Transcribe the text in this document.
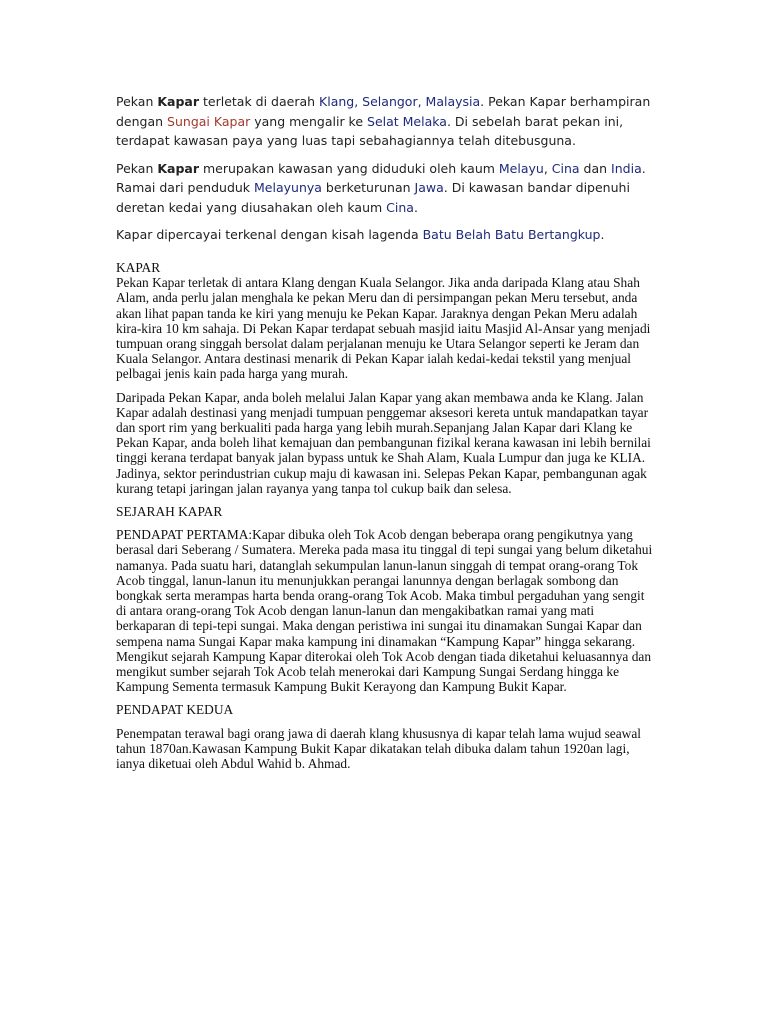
Pekan Kapar terletak di daerah Klang, Selangor, Malaysia. Pekan Kapar berhampiran dengan Sungai Kapar yang mengalir ke Selat Melaka. Di sebelah barat pekan ini, terdapat kawasan paya yang luas tapi sebahagiannya telah ditebusguna.

Pekan Kapar merupakan kawasan yang diduduki oleh kaum Melayu, Cina dan India. Ramai dari penduduk Melayunya berketurunan Jawa. Di kawasan bandar dipenuhi deretan kedai yang diusahakan oleh kaum Cina.

Kapar dipercayai terkenal dengan kisah lagenda Batu Belah Batu Bertangkup.

KAPAR

Pekan Kapar terletak di antara Klang dengan Kuala Selangor. Jika anda daripada Klang atau Shah Alam, anda perlu jalan menghala ke pekan Meru dan di persimpangan pekan Meru tersebut, anda akan lihat papan tanda ke kiri yang menuju ke Pekan Kapar. Jaraknya dengan Pekan Meru adalah kira-kira 10 km sahaja. Di Pekan Kapar terdapat sebuah masjid iaitu Masjid Al-Ansar yang menjadi tumpuan orang singgah bersolat dalam perjalanan menuju ke Utara Selangor seperti ke Jeram dan Kuala Selangor. Antara destinasi menarik di Pekan Kapar ialah kedai-kedai tekstil yang menjual pelbagai jenis kain pada harga yang murah.

Daripada Pekan Kapar, anda boleh melalui Jalan Kapar yang akan membawa anda ke Klang. Jalan Kapar adalah destinasi yang menjadi tumpuan penggemar aksesori kereta untuk mandapatkan tayar dan sport rim yang berkualiti pada harga yang lebih murah.Sepanjang Jalan Kapar dari Klang ke Pekan Kapar, anda boleh lihat kemajuan dan pembangunan fizikal kerana kawasan ini lebih bernilai tinggi kerana terdapat banyak jalan bypass untuk ke Shah Alam, Kuala Lumpur dan juga ke KLIA. Jadinya, sektor perindustrian cukup maju di kawasan ini. Selepas Pekan Kapar, pembangunan agak kurang tetapi jaringan jalan rayanya yang tanpa tol cukup baik dan selesa.

SEJARAH KAPAR

PENDAPAT PERTAMA:Kapar dibuka oleh Tok Acob dengan beberapa orang pengikutnya yang berasal dari Seberang / Sumatera. Mereka pada masa itu tinggal di tepi sungai yang belum diketahui namanya. Pada suatu hari, datanglah sekumpulan lanun-lanun singgah di tempat orang-orang Tok Acob tinggal, lanun-lanun itu menunjukkan perangai lanunnya dengan berlagak sombong dan bongkak serta merampas harta benda orang-orang Tok Acob. Maka timbul pergaduhan yang sengit di antara orang-orang Tok Acob dengan lanun-lanun dan mengakibatkan ramai yang mati berkaparan di tepi-tepi sungai. Maka dengan peristiwa ini sungai itu dinamakan Sungai Kapar dan sempena nama Sungai Kapar maka kampung ini dinamakan “Kampung Kapar” hingga sekarang. Mengikut sejarah Kampung Kapar diterokai oleh Tok Acob dengan tiada diketahui keluasannya dan mengikut sumber sejarah Tok Acob telah menerokai dari Kampung Sungai Serdang hingga ke Kampung Sementa termasuk Kampung Bukit Kerayong dan Kampung Bukit Kapar.

PENDAPAT KEDUA

Penempatan terawal bagi orang jawa di daerah klang khususnya di kapar telah lama wujud seawal tahun 1870an.Kawasan Kampung Bukit Kapar dikatakan telah dibuka dalam tahun 1920an lagi, ianya diketuai oleh Abdul Wahid b. Ahmad.
